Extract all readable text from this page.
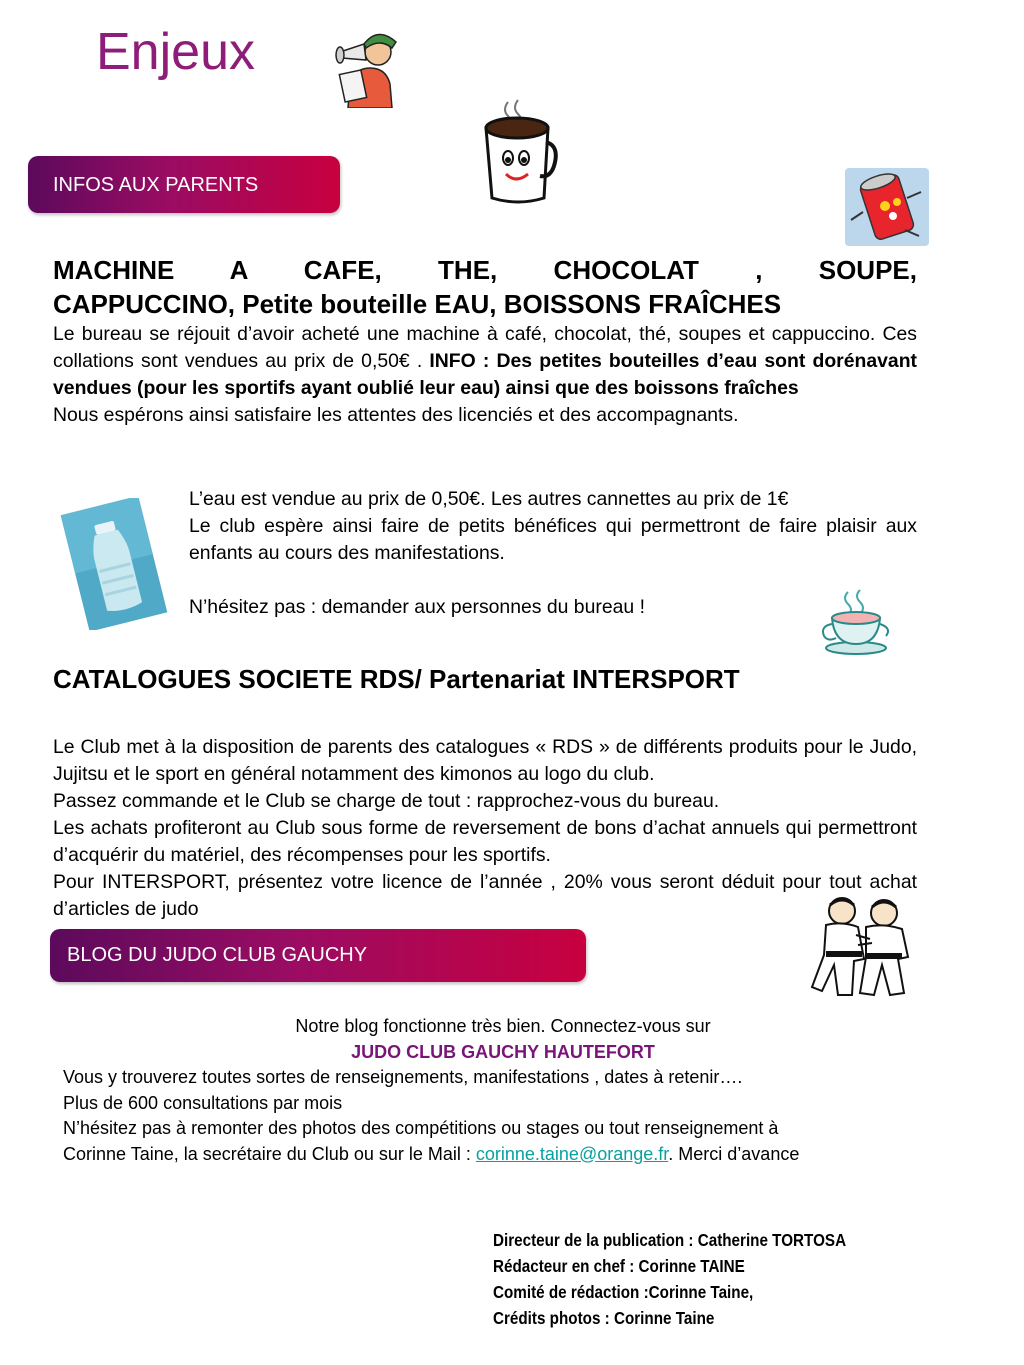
Enjeux
INFOS AUX PARENTS
MACHINE A CAFE, THE, CHOCOLAT , SOUPE,
CAPPUCCINO, Petite bouteille EAU, BOISSONS FRAÎCHES

Le bureau se réjouit d’avoir acheté une machine à café, chocolat, thé, soupes et cappuccino. Ces collations sont vendues au prix de 0,50€ . INFO : Des petites bouteilles d’eau sont dorénavant vendues (pour les sportifs ayant oublié leur eau) ainsi que des boissons fraîches

Nous espérons ainsi satisfaire les attentes des licenciés et des accompagnants.

L’eau est vendue au prix de 0,50€. Les autres cannettes au prix de 1€

Le club espère ainsi faire de petits bénéfices qui permettront de faire plaisir aux enfants au cours des manifestations.

N’hésitez pas : demander aux personnes du bureau !

CATALOGUES SOCIETE RDS/ Partenariat INTERSPORT

Le Club met à la disposition de parents des catalogues « RDS » de différents produits pour le Judo, Jujitsu et le sport en général notamment des kimonos au logo du club.

Passez commande et le Club se charge de tout : rapprochez-vous du bureau.

Les achats profiteront au Club sous forme de reversement de bons d’achat annuels qui permettront d’acquérir du matériel, des récompenses pour les sportifs.

Pour INTERSPORT, présentez votre licence de l’année , 20% vous seront déduit pour tout achat d’articles de judo

BLOG DU JUDO CLUB GAUCHY
Notre blog fonctionne très bien. Connectez-vous sur
JUDO CLUB GAUCHY HAUTEFORT
Vous y trouverez toutes sortes de renseignements, manifestations , dates à retenir….
Plus de 600 consultations par mois
N’hésitez pas à remonter des photos des compétitions ou stages ou tout renseignement à
Corinne Taine, la secrétaire du Club ou sur le Mail : corinne.taine@orange.fr. Merci d’avance
Directeur de la publication : Catherine TORTOSA
Rédacteur en chef : Corinne TAINE
Comité de rédaction :Corinne Taine,
Crédits photos : Corinne Taine
